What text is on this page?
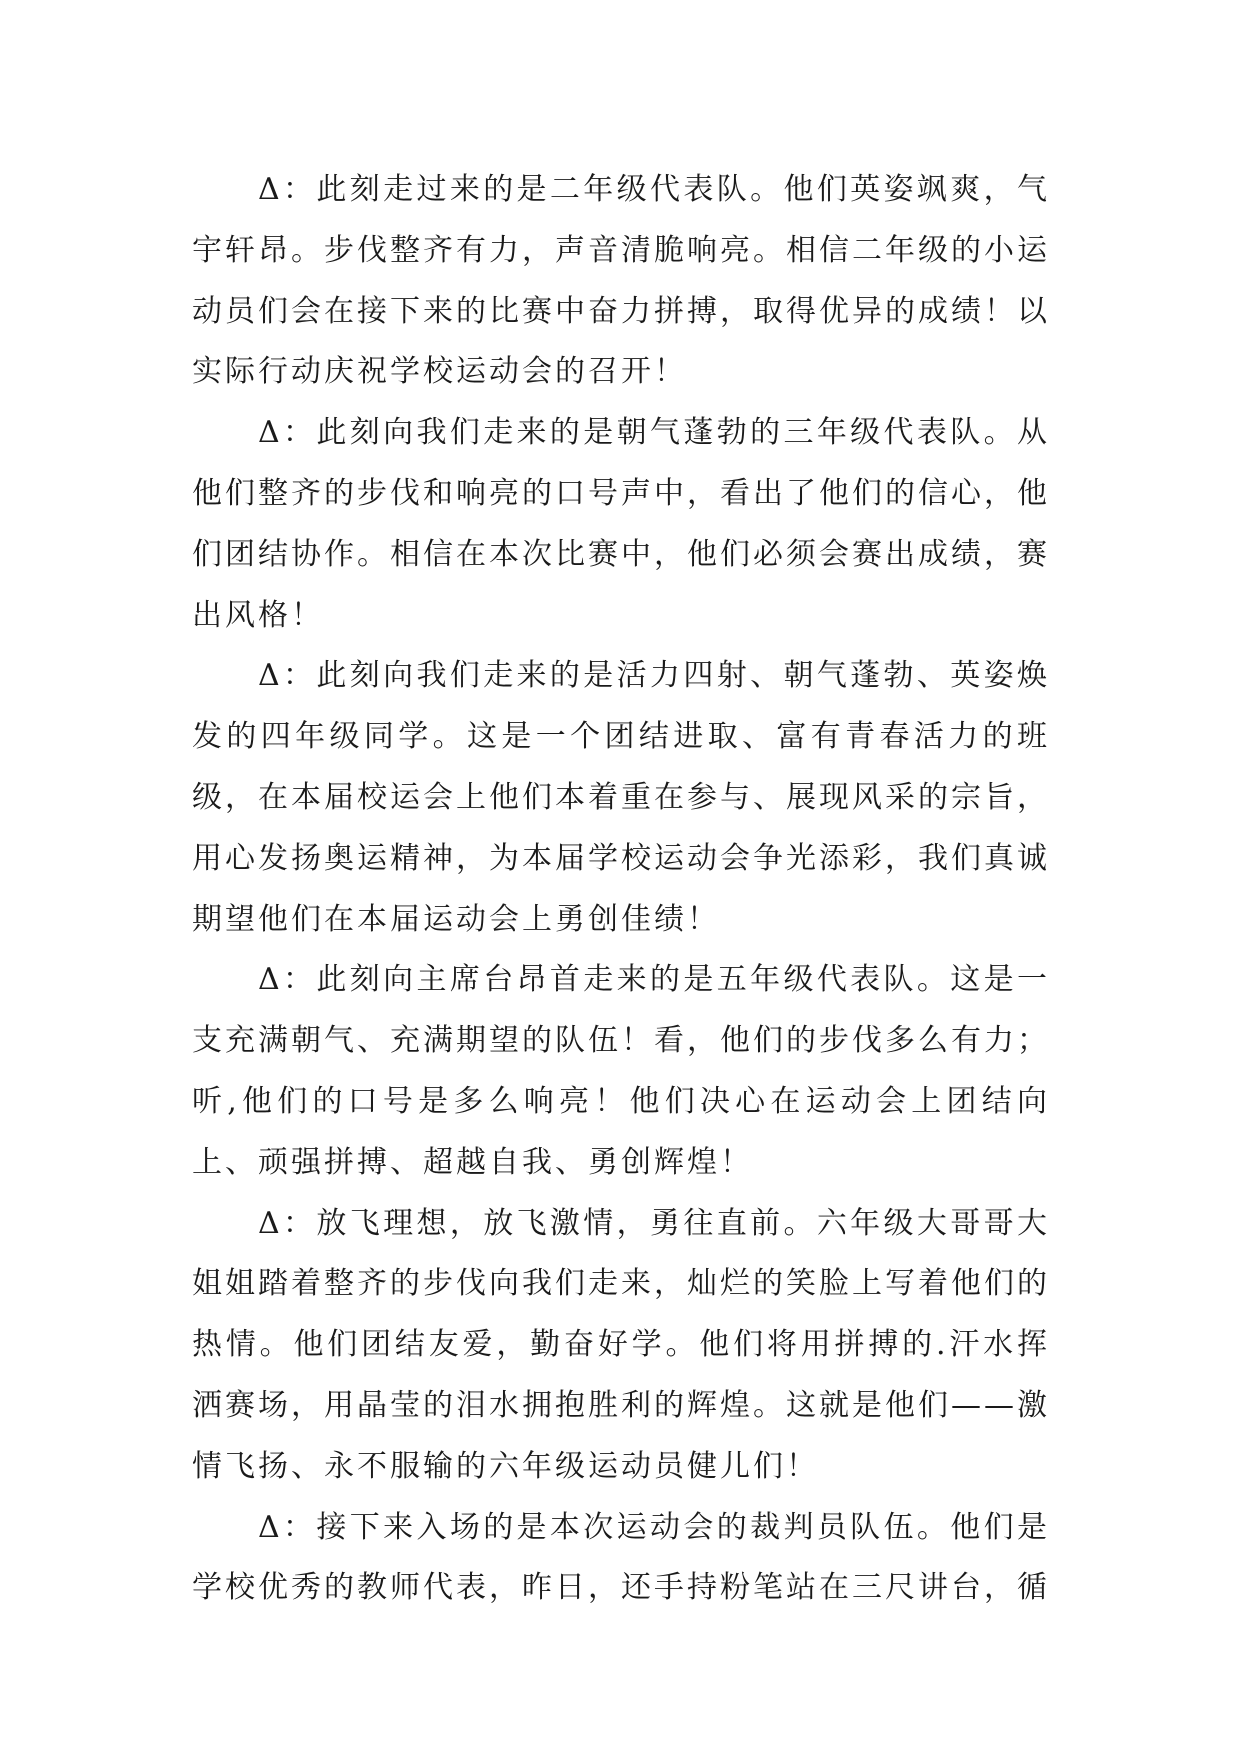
Δ：此刻走过来的是二年级代表队。他们英姿飒爽，气宇轩昂。步伐整齐有力，声音清脆响亮。相信二年级的小运动员们会在接下来的比赛中奋力拼搏，取得优异的成绩！以实际行动庆祝学校运动会的召开！

Δ：此刻向我们走来的是朝气蓬勃的三年级代表队。从他们整齐的步伐和响亮的口号声中，看出了他们的信心，他们团结协作。相信在本次比赛中，他们必须会赛出成绩，赛出风格！

Δ：此刻向我们走来的是活力四射、朝气蓬勃、英姿焕发的四年级同学。这是一个团结进取、富有青春活力的班级，在本届校运会上他们本着重在参与、展现风采的宗旨，用心发扬奥运精神，为本届学校运动会争光添彩，我们真诚期望他们在本届运动会上勇创佳绩！

Δ：此刻向主席台昂首走来的是五年级代表队。这是一支充满朝气、充满期望的队伍！看，他们的步伐多么有力；听,他们的口号是多么响亮！他们决心在运动会上团结向上、顽强拼搏、超越自我、勇创辉煌！

Δ：放飞理想，放飞激情，勇往直前。六年级大哥哥大姐姐踏着整齐的步伐向我们走来，灿烂的笑脸上写着他们的热情。他们团结友爱，勤奋好学。他们将用拼搏的.汗水挥洒赛场，用晶莹的泪水拥抱胜利的辉煌。这就是他们——激情飞扬、永不服输的六年级运动员健儿们！

Δ：接下来入场的是本次运动会的裁判员队伍。他们是学校优秀的教师代表，昨日，还手持粉笔站在三尺讲台，循
